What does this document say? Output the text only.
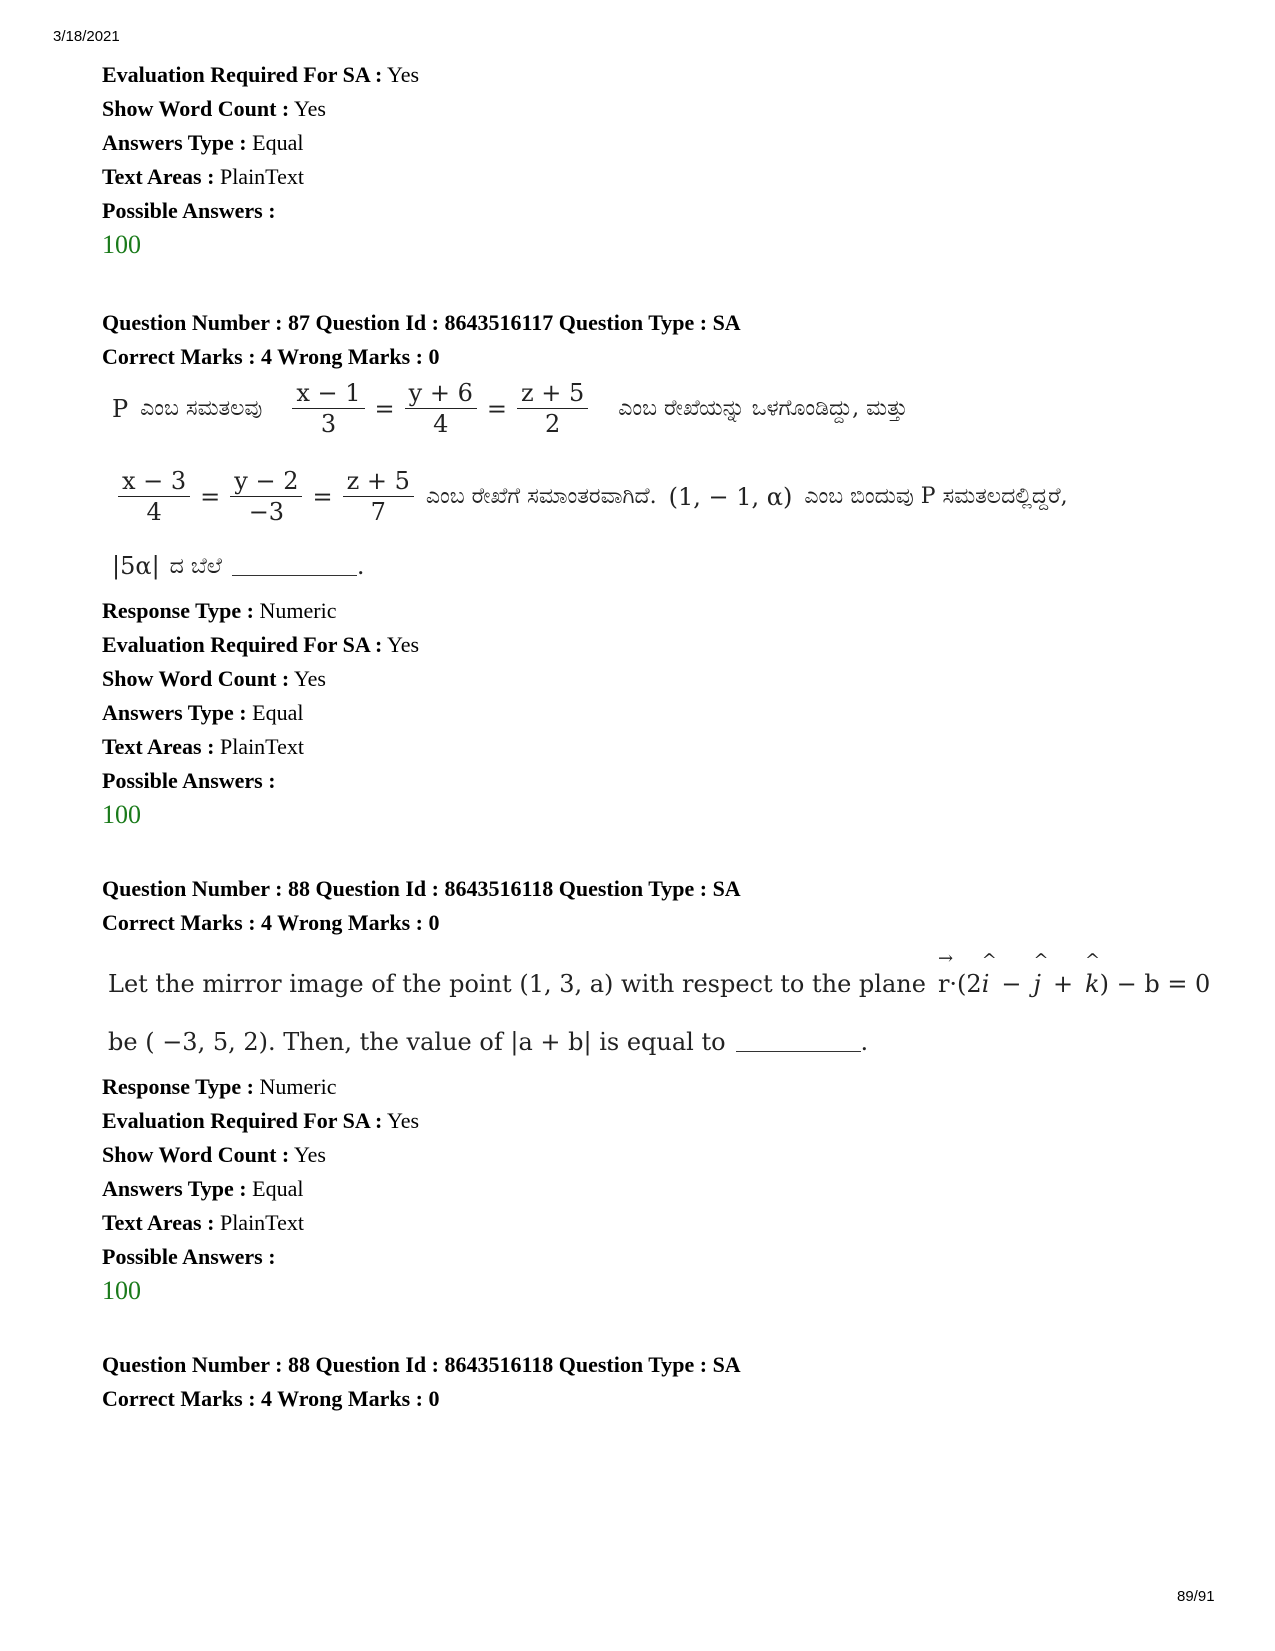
3/18/2021
Evaluation Required For SA : Yes
Show Word Count : Yes
Answers Type : Equal
Text Areas : PlainText
Possible Answers :
100
Question Number : 87 Question Id : 8643516117 Question Type : SA
Correct Marks : 4 Wrong Marks : 0
P ಎಂಬ ಸಮತಲವು $\frac{x - 1}{3} = \frac{y + 6}{4} = \frac{z + 5}{2}$ ಎಂಬ ರೇಖೆಯನ್ನು ಒಳಗೊಂಡಿದ್ದು, ಮತ್ತು
$\frac{x - 3}{4} = \frac{y - 2}{-3} = \frac{z + 5}{7}$ ಎಂಬ ರೇಖೆಗೆ ಸಮಾಂತರವಾಗಿದೆ. (1, − 1, α) ಎಂಬ ಬಿಂದುವು P ಸಮತಲದಲ್ಲಿದ್ದರೆ,
|5α| ದ ಬೆಲೆ	.
Response Type : Numeric
Evaluation Required For SA : Yes
Show Word Count : Yes
Answers Type : Equal
Text Areas : PlainText
Possible Answers :
100
Question Number : 88 Question Id : 8643516118 Question Type : SA
Correct Marks : 4 Wrong Marks : 0
Let the mirror image of the point (1, 3, a) with respect to the plane
→
r ·(2
^
i −
^
j +
^
k ) − b = 0
be ( −3, 5, 2). Then, the value of |a + b| is equal to	.
Response Type : Numeric
Evaluation Required For SA : Yes
Show Word Count : Yes
Answers Type : Equal
Text Areas : PlainText
Possible Answers :
100
Question Number : 88 Question Id : 8643516118 Question Type : SA
Correct Marks : 4 Wrong Marks : 0
89/91
